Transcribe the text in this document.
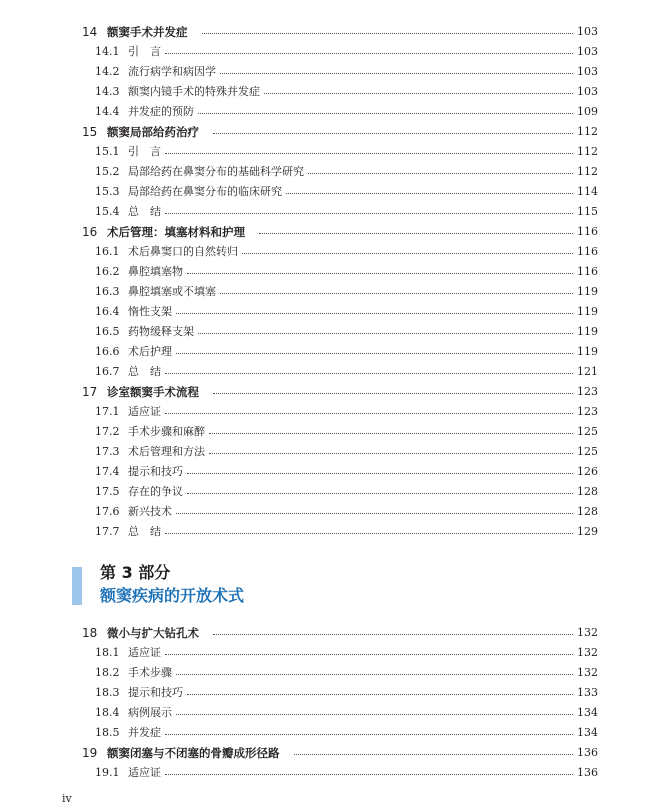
14 额窦手术并发症	103
14.1 引　言	103
14.2 流行病学和病因学	103
14.3 额窦内镜手术的特殊并发症	103
14.4 并发症的预防	109
15 额窦局部给药治疗	112
15.1 引　言	112
15.2 局部给药在鼻窦分布的基础科学研究	112
15.3 局部给药在鼻窦分布的临床研究	114
15.4 总　结	115
16 术后管理：填塞材料和护理	116
16.1 术后鼻窦口的自然转归	116
16.2 鼻腔填塞物	116
16.3 鼻腔填塞或不填塞	119
16.4 惰性支架	119
16.5 药物缓释支架	119
16.6 术后护理	119
16.7 总　结	121
17 诊室额窦手术流程	123
17.1 适应证	123
17.2 手术步骤和麻醉	125
17.3 术后管理和方法	125
17.4 提示和技巧	126
17.5 存在的争议	128
17.6 新兴技术	128
17.7 总　结	129
第 3 部分
额窦疾病的开放术式
18 微小与扩大钻孔术	132
18.1 适应证	132
18.2 手术步骤	132
18.3 提示和技巧	133
18.4 病例展示	134
18.5 并发症	134
19 额窦闭塞与不闭塞的骨瓣成形径路	136
19.1 适应证	136
iv
